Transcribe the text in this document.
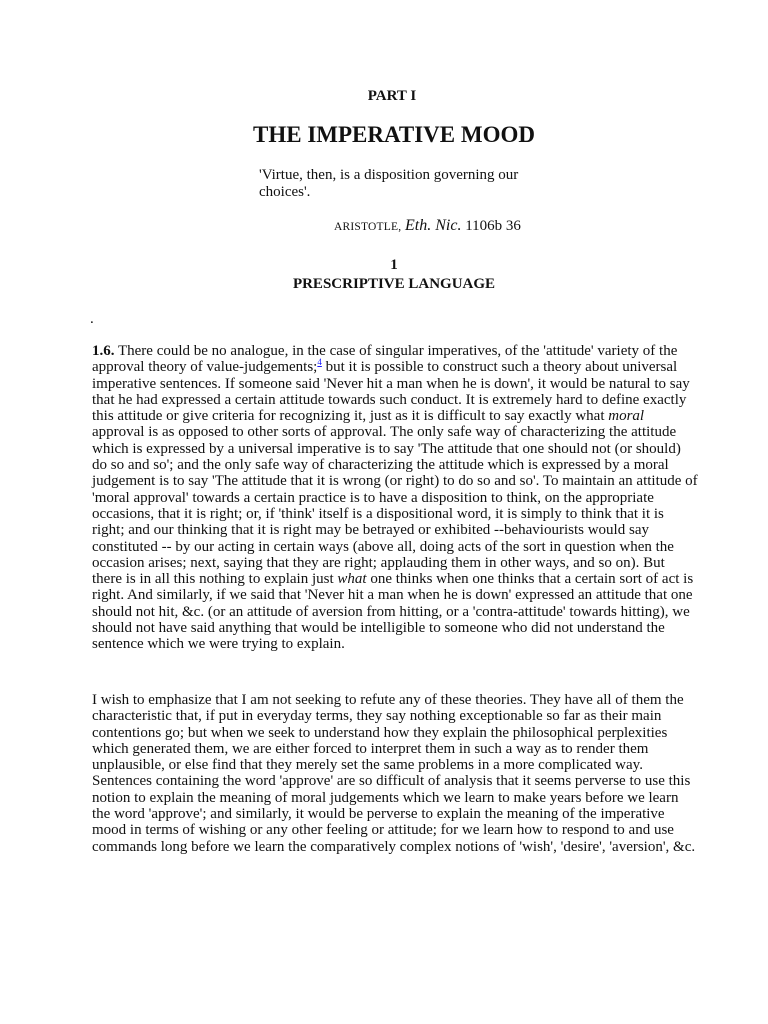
PART I
THE IMPERATIVE MOOD
'Virtue, then, is a disposition governing our choices'.
ARISTOTLE, Eth. Nic. 1106b 36
1
PRESCRIPTIVE LANGUAGE
.

1.6. There could be no analogue, in the case of singular imperatives, of the 'attitude' variety of the approval theory of value-judgements;$^4$ but it is possible to construct such a theory about universal imperative sentences. If someone said 'Never hit a man when he is down', it would be natural to say that he had expressed a certain attitude towards such conduct. It is extremely hard to define exactly this attitude or give criteria for recognizing it, just as it is difficult to say exactly what moral approval is as opposed to other sorts of approval. The only safe way of characterizing the attitude which is expressed by a universal imperative is to say 'The attitude that one should not (or should) do so and so'; and the only safe way of characterizing the attitude which is expressed by a moral judgement is to say 'The attitude that it is wrong (or right) to do so and so'. To maintain an attitude of 'moral approval' towards a certain practice is to have a disposition to think, on the appropriate occasions, that it is right; or, if 'think' itself is a dispositional word, it is simply to think that it is right; and our thinking that it is right may be betrayed or exhibited --behaviourists would say constituted -- by our acting in certain ways (above all, doing acts of the sort in question when the occasion arises; next, saying that they are right; applauding them in other ways, and so on). But there is in all this nothing to explain just what one thinks when one thinks that a certain sort of act is right. And similarly, if we said that 'Never hit a man when he is down' expressed an attitude that one should not hit, &c. (or an attitude of aversion from hitting, or a 'contra-attitude' towards hitting), we should not have said anything that would be intelligible to someone who did not understand the sentence which we were trying to explain.

I wish to emphasize that I am not seeking to refute any of these theories. They have all of them the characteristic that, if put in everyday terms, they say nothing exceptionable so far as their main contentions go; but when we seek to understand how they explain the philosophical perplexities which generated them, we are either forced to interpret them in such a way as to render them unplausible, or else find that they merely set the same problems in a more complicated way. Sentences containing the word 'approve' are so difficult of analysis that it seems perverse to use this notion to explain the meaning of moral judgements which we learn to make years before we learn the word 'approve'; and similarly, it would be perverse to explain the meaning of the imperative mood in terms of wishing or any other feeling or attitude; for we learn how to respond to and use commands long before we learn the comparatively complex notions of 'wish', 'desire', 'aversion', &c.
